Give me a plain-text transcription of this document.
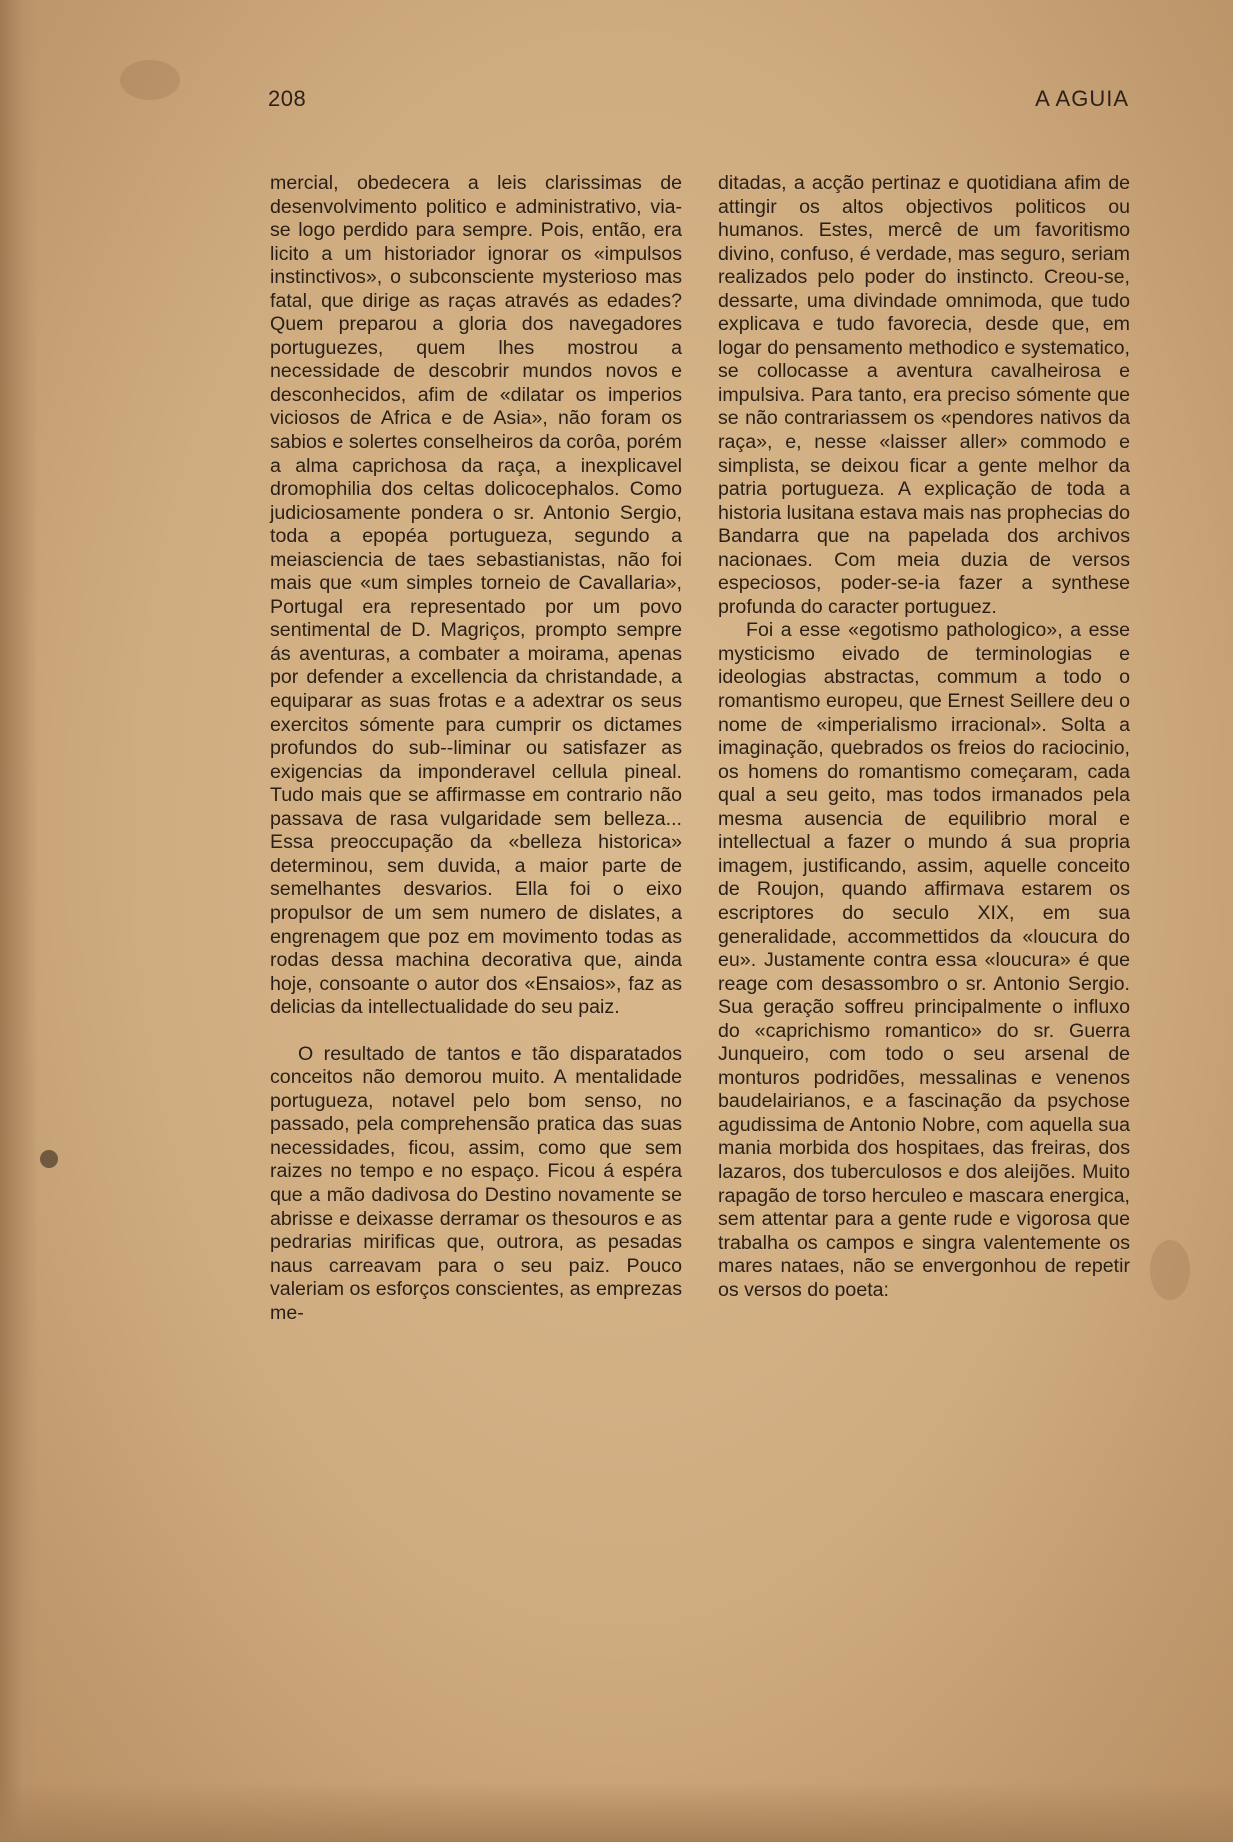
208	A AGUIA

mercial, obedecera a leis clarissimas de desenvolvimento politico e administrativo, via-se logo perdido para sempre. Pois, então, era licito a um historiador ignorar os «impulsos instinctivos», o subconsciente mysterioso mas fatal, que dirige as raças através as edades? Quem preparou a gloria dos navegadores portuguezes, quem lhes mostrou a necessidade de descobrir mundos novos e desconhecidos, afim de «dilatar os imperios viciosos de Africa e de Asia», não foram os sabios e solertes conselheiros da corôa, porém a alma caprichosa da raça, a inexplicavel dromophilia dos celtas dolicocephalos. Como judiciosamente pondera o sr. Antonio Sergio, toda a epopéa portugueza, segundo a meiasciencia de taes sebastianistas, não foi mais que «um simples torneio de Cavallaria», Portugal era representado por um povo sentimental de D. Magriços, prompto sempre ás aventuras, a combater a moirama, apenas por defender a excellencia da christandade, a equiparar as suas frotas e a adextrar os seus exercitos sómente para cumprir os dictames profundos do sub--liminar ou satisfazer as exigencias da imponderavel cellula pineal. Tudo mais que se affirmasse em contrario não passava de rasa vulgaridade sem belleza... Essa preoccupação da «belleza historica» determinou, sem duvida, a maior parte de semelhantes desvarios. Ella foi o eixo propulsor de um sem numero de dislates, a engrenagem que poz em movimento todas as rodas dessa machina decorativa que, ainda hoje, consoante o autor dos «Ensaios», faz as delicias da intellectualidade do seu paiz.

O resultado de tantos e tão disparatados conceitos não demorou muito. A mentalidade portugueza, notavel pelo bom senso, no passado, pela comprehensão pratica das suas necessidades, ficou, assim, como que sem raizes no tempo e no espaço. Ficou á espéra que a mão dadivosa do Destino novamente se abrisse e deixasse derramar os thesouros e as pedrarias mirificas que, outrora, as pesadas naus carreavam para o seu paiz. Pouco valeriam os esforços conscientes, as emprezas me-

ditadas, a acção pertinaz e quotidiana afim de attingir os altos objectivos politicos ou humanos. Estes, mercê de um favoritismo divino, confuso, é verdade, mas seguro, seriam realizados pelo poder do instincto. Creou-se, dessarte, uma divindade omnimoda, que tudo explicava e tudo favorecia, desde que, em logar do pensamento methodico e systematico, se collocasse a aventura cavalheirosa e impulsiva. Para tanto, era preciso sómente que se não contrariassem os «pendores nativos da raça», e, nesse «laisser aller» commodo e simplista, se deixou ficar a gente melhor da patria portugueza. A explicação de toda a historia lusitana estava mais nas prophecias do Bandarra que na papelada dos archivos nacionaes. Com meia duzia de versos especiosos, poder-se-ia fazer a synthese profunda do caracter portuguez.

Foi a esse «egotismo pathologico», a esse mysticismo eivado de terminologias e ideologias abstractas, commum a todo o romantismo europeu, que Ernest Seillere deu o nome de «imperialismo irracional». Solta a imaginação, quebrados os freios do raciocinio, os homens do romantismo começaram, cada qual a seu geito, mas todos irmanados pela mesma ausencia de equilibrio moral e intellectual a fazer o mundo á sua propria imagem, justificando, assim, aquelle conceito de Roujon, quando affirmava estarem os escriptores do seculo XIX, em sua generalidade, accommettidos da «loucura do eu». Justamente contra essa «loucura» é que reage com desassombro o sr. Antonio Sergio. Sua geração soffreu principalmente o influxo do «caprichismo romantico» do sr. Guerra Junqueiro, com todo o seu arsenal de monturos podridões, messalinas e venenos baudelairianos, e a fascinação da psychose agudissima de Antonio Nobre, com aquella sua mania morbida dos hospitaes, das freiras, dos lazaros, dos tuberculosos e dos aleijões. Muito rapagão de torso herculeo e mascara energica, sem attentar para a gente rude e vigorosa que trabalha os campos e singra valentemente os mares nataes, não se envergonhou de repetir os versos do poeta:
